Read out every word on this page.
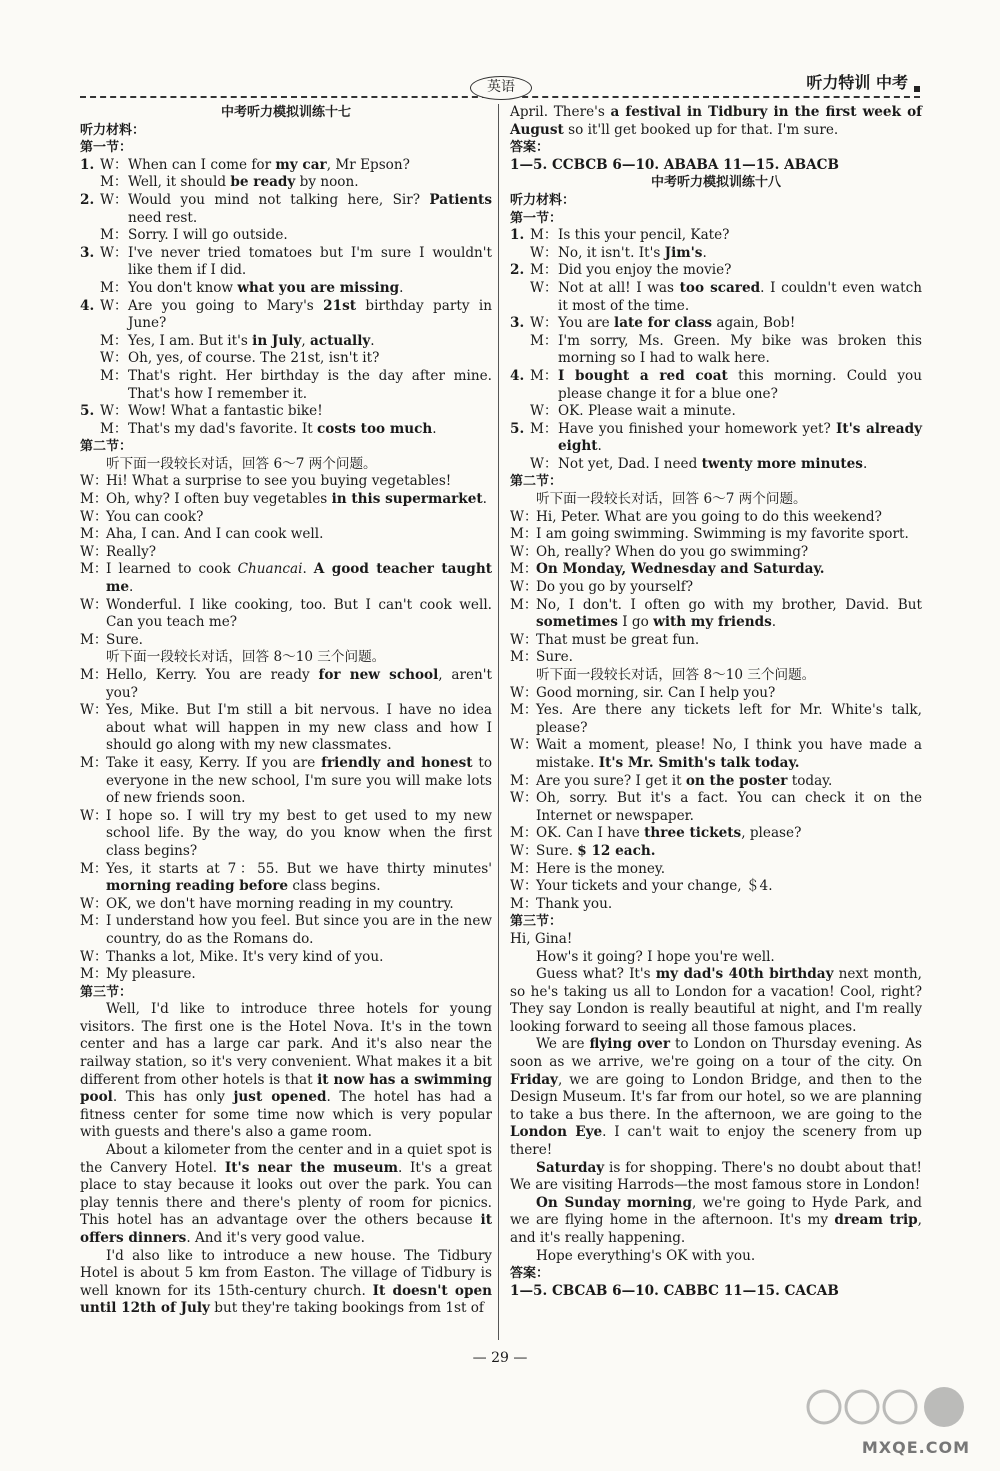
英语	听力特训 中考
中考听力模拟训练十七
听力材料：
第一节：
1. W： When can I come for my car, Mr Epson?
M： Well, it should be ready by noon.
2. W： Would you mind not talking here, Sir? Patients need rest.
M： Sorry. I will go outside.
3. W： I've never tried tomatoes but I'm sure I wouldn't like them if I did.
M： You don't know what you are missing.
4. W： Are you going to Mary's 21st birthday party in June?
M： Yes, I am. But it's in July, actually.
W： Oh, yes, of course. The 21st, isn't it?
M： That's right. Her birthday is the day after mine. That's how I remember it.
5. W： Wow! What a fantastic bike!
M： That's my dad's favorite. It costs too much.
第二节：
听下面一段较长对话，回答 6～7 两个问题。
W：
Hi! What a surprise to see you buying vegetables!
M：
Oh, why? I often buy vegetables in this supermarket.
W：
You can cook?
M：
Aha, I can. And I can cook well.
W：
Really?
M：
I learned to cook Chuancai. A good teacher taught me.
W：
Wonderful. I like cooking, too. But I can't cook well. Can you teach me?
M：
Sure.
听下面一段较长对话，回答 8～10 三个问题。
M：
Hello, Kerry. You are ready for new school, aren't you?
W：
Yes, Mike. But I'm still a bit nervous. I have no idea about what will happen in my new class and how I should go along with my new classmates.
M：
Take it easy, Kerry. If you are friendly and honest to everyone in the new school, I'm sure you will make lots of new friends soon.
W：
I hope so. I will try my best to get used to my new school life. By the way, do you know when the first class begins?
M：
Yes, it starts at 7：55. But we have thirty minutes' morning reading before class begins.
W：
OK, we don't have morning reading in my country.
M：
I understand how you feel. But since you are in the new country, do as the Romans do.
W：
Thanks a lot, Mike. It's very kind of you.
M：
My pleasure.
第三节：
Well, I'd like to introduce three hotels for young visitors. The first one is the Hotel Nova. It's in the town center and has a large car park. And it's also near the railway station, so it's very convenient. What makes it a bit different from other hotels is that it now has a swimming pool. This has only just opened. The hotel has had a fitness center for some time now which is very popular with guests and there's also a game room.
About a kilometer from the center and in a quiet spot is the Canvery Hotel. It's near the museum. It's a great place to stay because it looks out over the park. You can play tennis there and there's plenty of room for picnics. This hotel has an advantage over the others because it offers dinners. And it's very good value.
I'd also like to introduce a new house. The Tidbury Hotel is about 5 km from Easton. The village of Tidbury is well known for its 15th-century church. It doesn't open until 12th of July but they're taking bookings from 1st of
April. There's a festival in Tidbury in the first week of August so it'll get booked up for that. I'm sure.
答案：
1—5. CCBCB 6—10. ABABA 11—15. ABACB
中考听力模拟训练十八
听力材料：
第一节：
1. M： Is this your pencil, Kate?
W： No, it isn't. It's Jim's.
2. M： Did you enjoy the movie?
W： Not at all! I was too scared. I couldn't even watch it most of the time.
3. W： You are late for class again, Bob!
M： I'm sorry, Ms. Green. My bike was broken this morning so I had to walk here.
4. M： I bought a red coat this morning. Could you please change it for a blue one?
W： OK. Please wait a minute.
5. M： Have you finished your homework yet? It's already eight.
W： Not yet, Dad. I need twenty more minutes.
第二节：
听下面一段较长对话，回答 6～7 两个问题。
W：
Hi, Peter. What are you going to do this weekend?
M：
I am going swimming. Swimming is my favorite sport.
W：
Oh, really? When do you go swimming?
M：
On Monday, Wednesday and Saturday.
W：
Do you go by yourself?
M：
No, I don't. I often go with my brother, David. But sometimes I go with my friends.
W：
That must be great fun.
M：
Sure.
听下面一段较长对话，回答 8～10 三个问题。
W：
Good morning, sir. Can I help you?
M：
Yes. Are there any tickets left for Mr. White's talk, please?
W：
Wait a moment, please! No, I think you have made a mistake. It's Mr. Smith's talk today.
M：
Are you sure? I get it on the poster today.
W：
Oh, sorry. But it's a fact. You can check it on the Internet or newspaper.
M：
OK. Can I have three tickets, please?
W：
Sure. $ 12 each.
M：
Here is the money.
W：
Your tickets and your change, ＄4.
M：
Thank you.
第三节：
Hi, Gina!
How's it going? I hope you're well.
Guess what? It's my dad's 40th birthday next month, so he's taking us all to London for a vacation! Cool, right? They say London is really beautiful at night, and I'm really looking forward to seeing all those famous places.
We are flying over to London on Thursday evening. As soon as we arrive, we're going on a tour of the city. On Friday, we are going to London Bridge, and then to the Design Museum. It's far from our hotel, so we are planning to take a bus there. In the afternoon, we are going to the London Eye. I can't wait to enjoy the scenery from up there!
Saturday is for shopping. There's no doubt about that! We are visiting Harrods—the most famous store in London!
On Sunday morning, we're going to Hyde Park, and we are flying home in the afternoon. It's my dream trip, and it's really happening.
Hope everything's OK with you.
答案：
1—5. CBCAB 6—10. CABBC 11—15. CACAB
— 29 —
MXQE.COM
